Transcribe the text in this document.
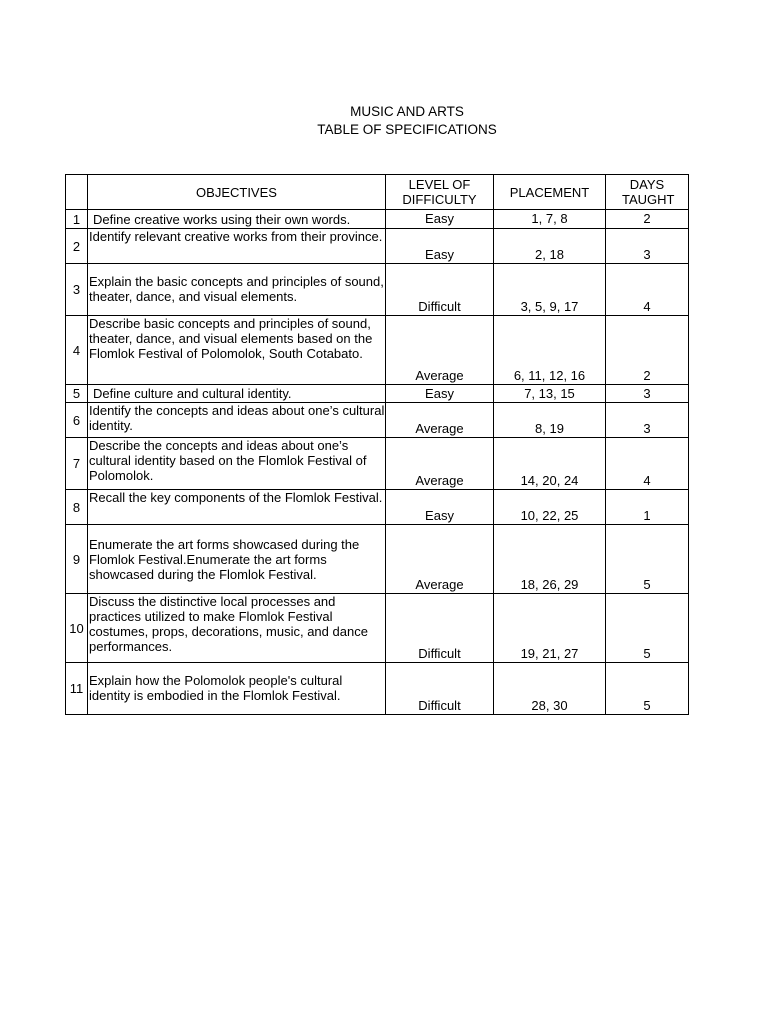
MUSIC AND ARTS
TABLE OF SPECIFICATIONS
	OBJECTIVES	LEVEL OF DIFFICULTY	PLACEMENT	DAYS TAUGHT
1	Define creative works using their own words.	Easy	1, 7, 8	2
2	Identify relevant creative works from their province.	Easy	2, 18	3
3	Explain the basic concepts and principles of sound, theater, dance, and visual elements.	Difficult	3, 5, 9, 17	4
4	Describe basic concepts and principles of sound, theater, dance, and visual elements based on the Flomlok Festival of Polomolok, South Cotabato.	Average	6, 11, 12, 16	2
5	Define culture and cultural identity.	Easy	7, 13, 15	3
6	Identify the concepts and ideas about one’s cultural identity.	Average	8, 19	3
7	Describe the concepts and ideas about one’s cultural identity based on the Flomlok Festival of Polomolok.	Average	14, 20, 24	4
8	Recall the key components of the Flomlok Festival.	Easy	10, 22, 25	1
9	Enumerate the art forms showcased during the Flomlok Festival.Enumerate the art forms showcased during the Flomlok Festival.	Average	18, 26, 29	5
10	Discuss the distinctive local processes and practices utilized to make Flomlok Festival costumes, props, decorations, music, and dance performances.	Difficult	19, 21, 27	5
11	Explain how the Polomolok people's cultural identity is embodied in the Flomlok Festival.	Difficult	28, 30	5
